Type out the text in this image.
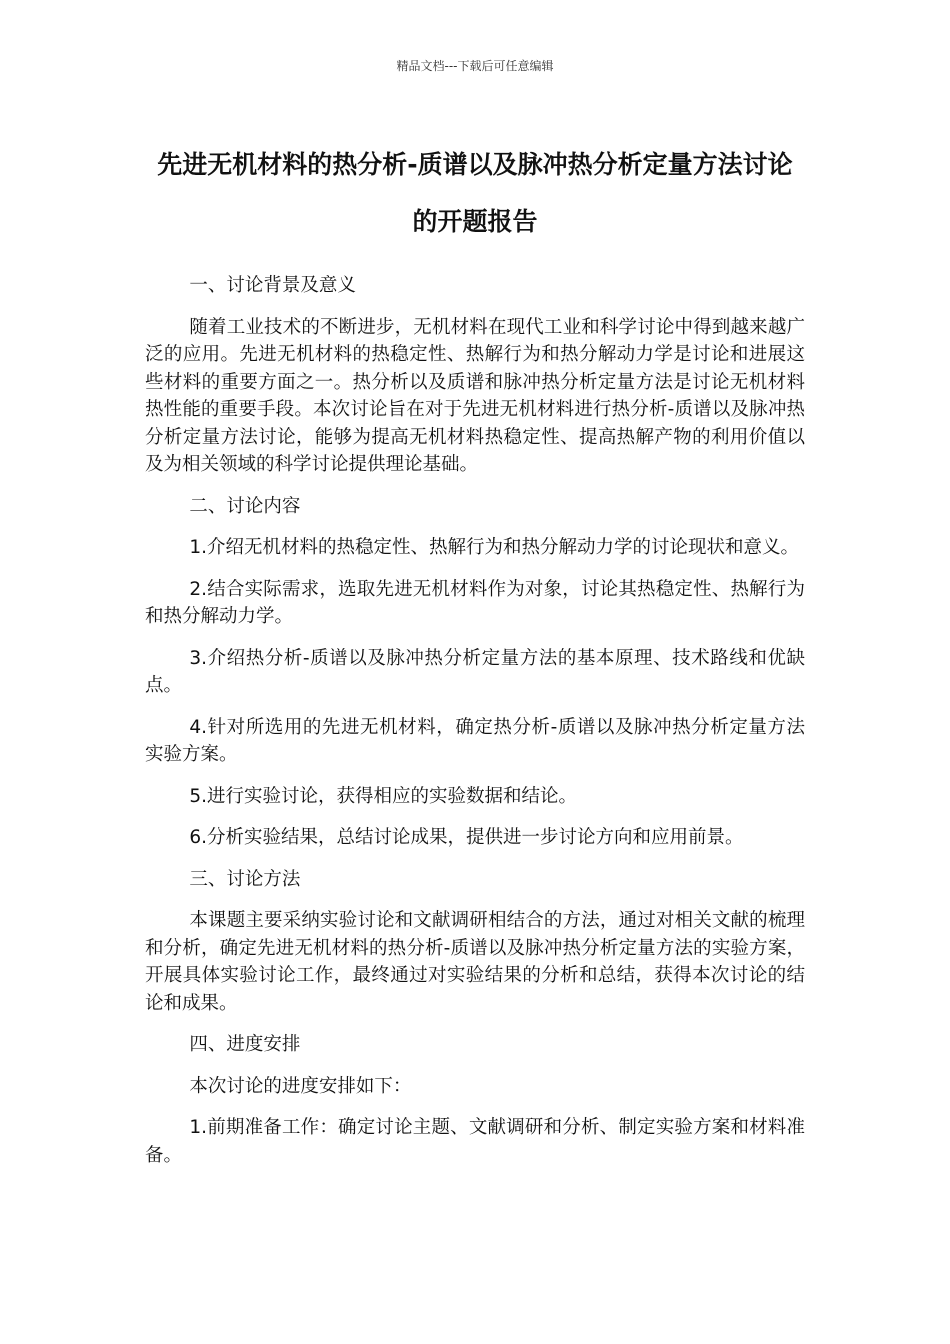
精品文档---下载后可任意编辑
先进无机材料的热分析-质谱以及脉冲热分析定量方法讨论的开题报告

一、讨论背景及意义

随着工业技术的不断进步，无机材料在现代工业和科学讨论中得到越来越广泛的应用。先进无机材料的热稳定性、热解行为和热分解动力学是讨论和进展这些材料的重要方面之一。热分析以及质谱和脉冲热分析定量方法是讨论无机材料热性能的重要手段。本次讨论旨在对于先进无机材料进行热分析-质谱以及脉冲热分析定量方法讨论，能够为提高无机材料热稳定性、提高热解产物的利用价值以及为相关领域的科学讨论提供理论基础。

二、讨论内容

1.介绍无机材料的热稳定性、热解行为和热分解动力学的讨论现状和意义。

2.结合实际需求，选取先进无机材料作为对象，讨论其热稳定性、热解行为和热分解动力学。

3.介绍热分析-质谱以及脉冲热分析定量方法的基本原理、技术路线和优缺点。

4.针对所选用的先进无机材料，确定热分析-质谱以及脉冲热分析定量方法实验方案。

5.进行实验讨论，获得相应的实验数据和结论。

6.分析实验结果，总结讨论成果，提供进一步讨论方向和应用前景。

三、讨论方法

本课题主要采纳实验讨论和文献调研相结合的方法，通过对相关文献的梳理和分析，确定先进无机材料的热分析-质谱以及脉冲热分析定量方法的实验方案，开展具体实验讨论工作，最终通过对实验结果的分析和总结，获得本次讨论的结论和成果。

四、进度安排

本次讨论的进度安排如下：

1.前期准备工作：确定讨论主题、文献调研和分析、制定实验方案和材料准备。
